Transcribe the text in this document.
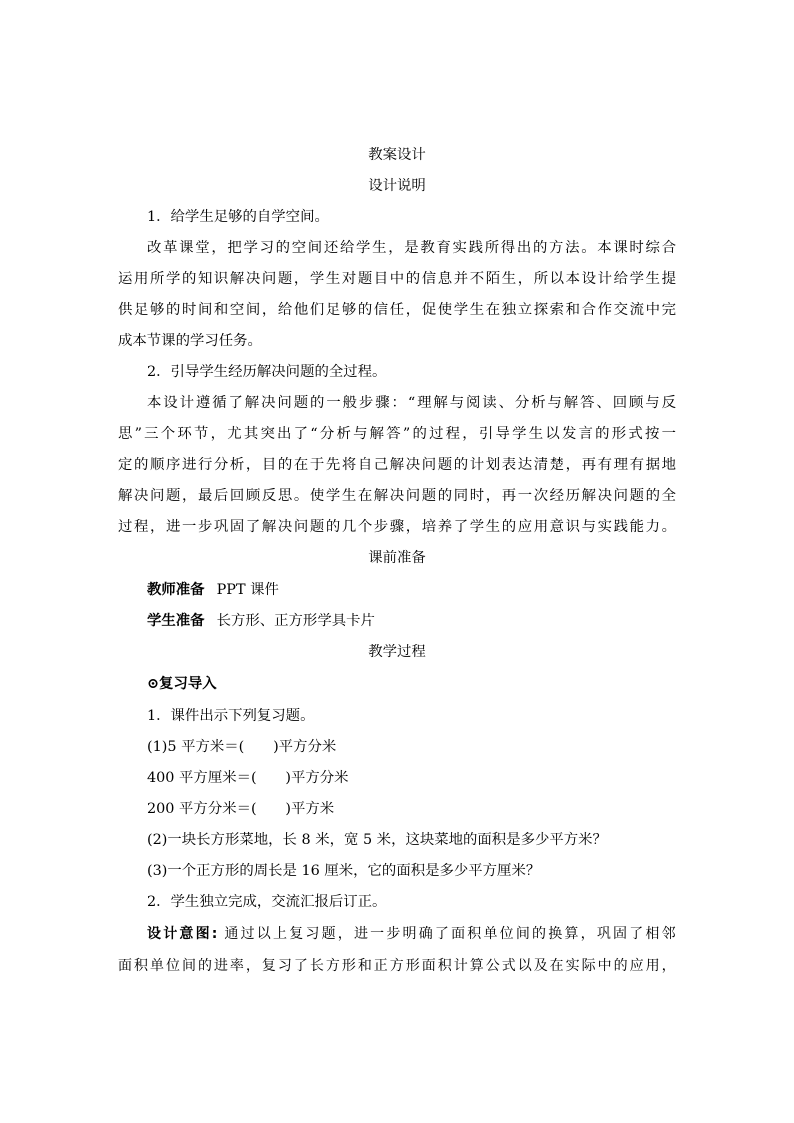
教案设计
设计说明
1．给学生足够的自学空间。
改革课堂，把学习的空间还给学生，是教育实践所得出的方法。本课时综合
运用所学的知识解决问题，学生对题目中的信息并不陌生，所以本设计给学生提
供足够的时间和空间，给他们足够的信任，促使学生在独立探索和合作交流中完
成本节课的学习任务。
2．引导学生经历解决问题的全过程。
本设计遵循了解决问题的一般步骤：“理解与阅读、分析与解答、回顾与反
思”三个环节，尤其突出了“分析与解答”的过程，引导学生以发言的形式按一
定的顺序进行分析，目的在于先将自己解决问题的计划表达清楚，再有理有据地
解决问题，最后回顾反思。使学生在解决问题的同时，再一次经历解决问题的全
过程，进一步巩固了解决问题的几个步骤，培养了学生的应用意识与实践能力。
课前准备
教师准备 PPT 课件
学生准备 长方形、正方形学具卡片
教学过程
⊙复习导入
1．课件出示下列复习题。
(1)5 平方米＝(　　)平方分米
400 平方厘米＝(　　)平方分米
200 平方分米＝(　　)平方米
(2)一块长方形菜地，长 8 米，宽 5 米，这块菜地的面积是多少平方米？
(3)一个正方形的周长是 16 厘米，它的面积是多少平方厘米？
2．学生独立完成，交流汇报后订正。
设计意图: 通过以上复习题，进一步明确了面积单位间的换算，巩固了相邻
面积单位间的进率，复习了长方形和正方形面积计算公式以及在实际中的应用，
